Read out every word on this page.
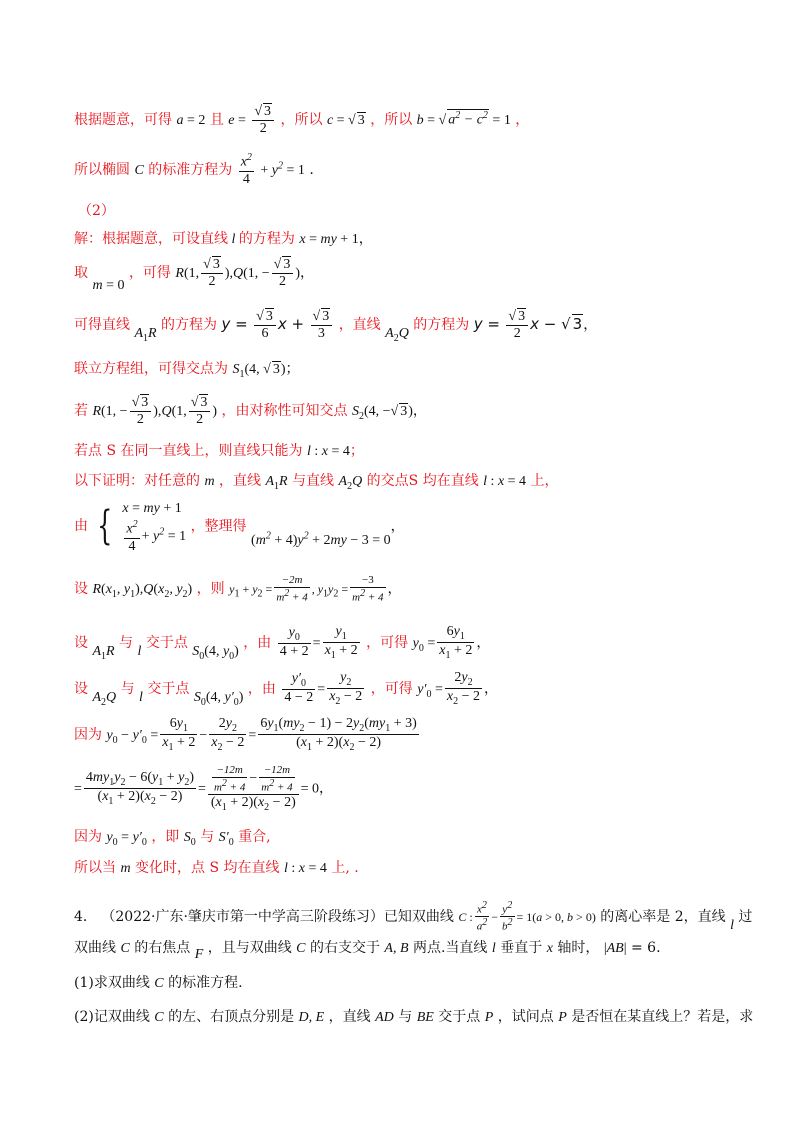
根据题意，可得 a = 2 且 $e = \frac{√ 3}{2}$ ，所以 c = √ 3 ，所以 b = √ $a^2 - c^2 = 1$ ，
所以椭圆 C 的标准方程为 $\frac{x^2}{4} + y^2 = 1$ .
（2）
解：根据题意，可设直线 l 的方程为 x = my + 1，
取 m = 0 ，可得 R(1, $\frac{√ 3}{2} ),Q(1$, − $\frac{√ 3}{2}$ )，
可得直线 $A_1R$ 的方程为 $y = \frac{√ 3}{6}$ $x + \frac{√ 3}{3}$ ，直线 $A_2Q$ 的方程为 $y = \frac{√ 3}{2}$ x − √ 3，
联立方程组，可得交点为 $S_1(4$, √ 3)；
若 R(1, − $\frac{√ 3}{2} ),Q(1$, $\frac{√ 3}{2}$ ) ，由对称性可知交点 $S_2(4$, −√ 3)，
若点 S 在同一直线上，则直线只能为 l : x = 4；
以下证明：对任意的 m ，直线 $A_1R$ 与直线 $A_2Q$ 的交点S 均在直线 l : x = 4 上，
由 { x = my + 1
$\frac{x^2}{4} + y^2 = 1$
，整理得 $(m^2 + 4)y^2 + 2my - 3 = 0$，
设 $R(x_1$, $y_1),Q(x_2$, $y_2$) ，则 $y_1 + y_2 = \frac{-2m}{m^2 + 4}$ , $y_1y_2 = \frac{-3}{m^2 + 4}$ ，
设 $A_1R$ 与 l 交于点 $S_0(4$, $y_0$) ，由 $\frac{y_0}{4 + 2} = \frac{y_1}{x_1 + 2}$ ，可得 $y_0 = \frac{6y_1}{x_1 + 2}$ ，
设 $A_2Q$ 与 l 交于点 $S_0(4$, $y'_0$) ，由 $\frac{y'_0}{4 - 2} = \frac{y_2}{x_2 - 2}$ ，可得 $y'_0 = \frac{2y_2}{x_2 - 2}$ ，
因为 $y_0 - y'_0 = \frac{6y_1}{x_1 + 2} - \frac{2y_2}{x_2 - 2} = \frac{6y_1(my_2 - 1) - 2y_2(my_1 + 3)}{(x_1 + 2)(x_2 - 2)}$
= $\frac{4my_1y_2 - 6(y_1 + y_2)}{(x_1 + 2)(x_2 - 2)} = \frac{\frac{-12m}{m^2 + 4} - \frac{-12m}{m^2 + 4}}{(x_1 + 2)(x_2 - 2)} = 0$，
因为 $y_0 = y'_0$ ，即 $S_0$ 与 $S'_0$ 重合,
所以当 m 变化时，点 S 均在直线 l : x = 4 上, .
4． （2022·广东·肇庆市第一中学高三阶段练习）已知双曲线 C : $\frac{x^2}{a^2} - \frac{y^2}{b^2} = 1(a > 0$, b > 0) 的离心率是 2，直线 l 过
双曲线 C 的右焦点 F ，且与双曲线 C 的右支交于 A, B 两点.当直线 l 垂直于 x 轴时， |AB| = 6.
(1)求双曲线 C 的标准方程.
(2)记双曲线 C 的左、右顶点分别是 D, E ，直线 AD 与 BE 交于点 P ，试问点 P 是否恒在某直线上？若是，求
